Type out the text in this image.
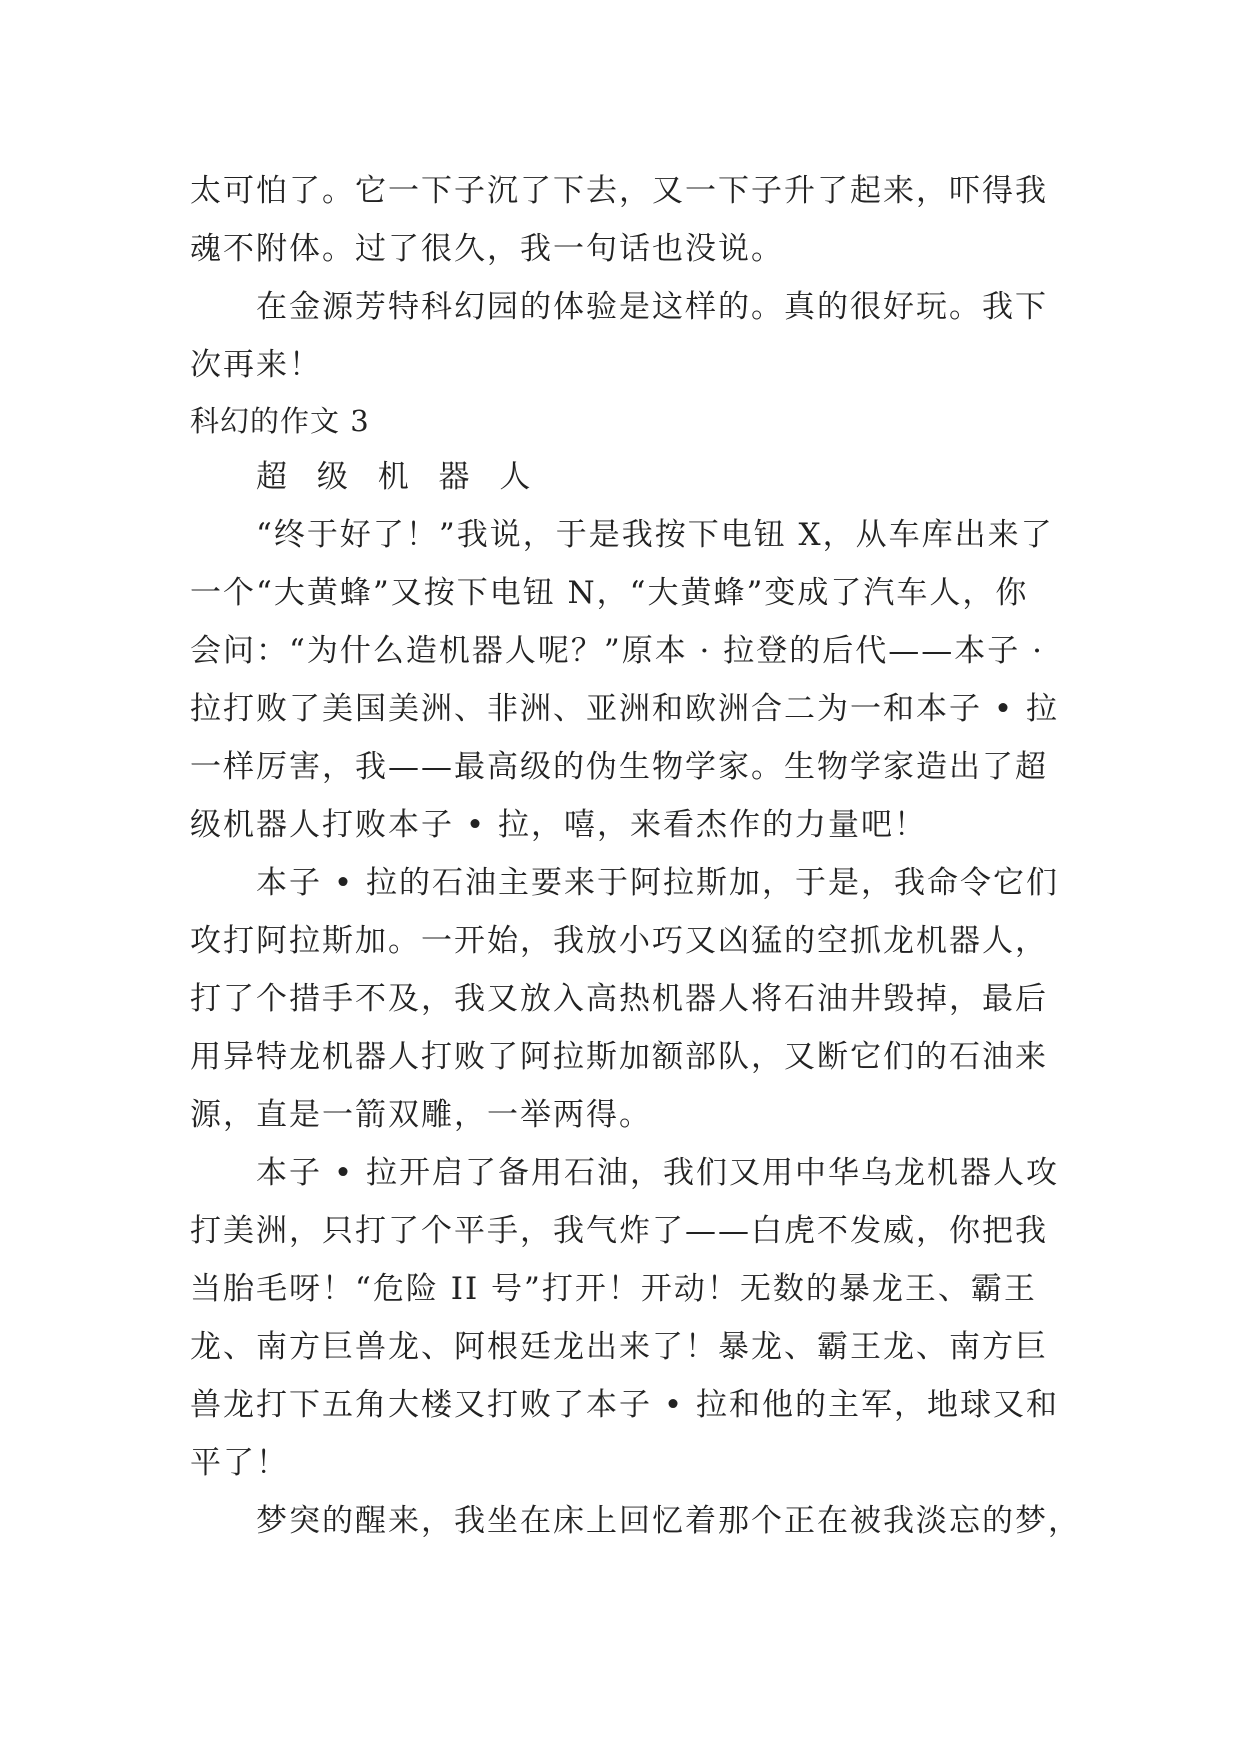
太可怕了。它一下子沉了下去，又一下子升了起来，吓得我
魂不附体。过了很久，我一句话也没说。
在金源芳特科幻园的体验是这样的。真的很好玩。我下
次再来！
科幻的作文 3
超 级 机 器 人
“终于好了！”我说，于是我按下电钮 X，从车库出来了
一个“大黄蜂”又按下电钮 N，“大黄蜂”变成了汽车人，你
会问：“为什么造机器人呢？”原本 · 拉登的后代——本子 ·
拉打败了美国美洲、非洲、亚洲和欧洲合二为一和本子 • 拉
一样厉害，我——最高级的伪生物学家。生物学家造出了超
级机器人打败本子 • 拉，嘻，来看杰作的力量吧！
本子 • 拉的石油主要来于阿拉斯加，于是，我命令它们
攻打阿拉斯加。一开始，我放小巧又凶猛的空抓龙机器人，
打了个措手不及，我又放入高热机器人将石油井毁掉，最后
用异特龙机器人打败了阿拉斯加额部队，又断它们的石油来
源，直是一箭双雕，一举两得。
本子 • 拉开启了备用石油，我们又用中华乌龙机器人攻
打美洲，只打了个平手，我气炸了——白虎不发威，你把我
当胎毛呀！“危险 II 号”打开！开动！无数的暴龙王、霸王
龙、南方巨兽龙、阿根廷龙出来了！暴龙、霸王龙、南方巨
兽龙打下五角大楼又打败了本子 • 拉和他的主军，地球又和
平了！
梦突的醒来，我坐在床上回忆着那个正在被我淡忘的梦，
